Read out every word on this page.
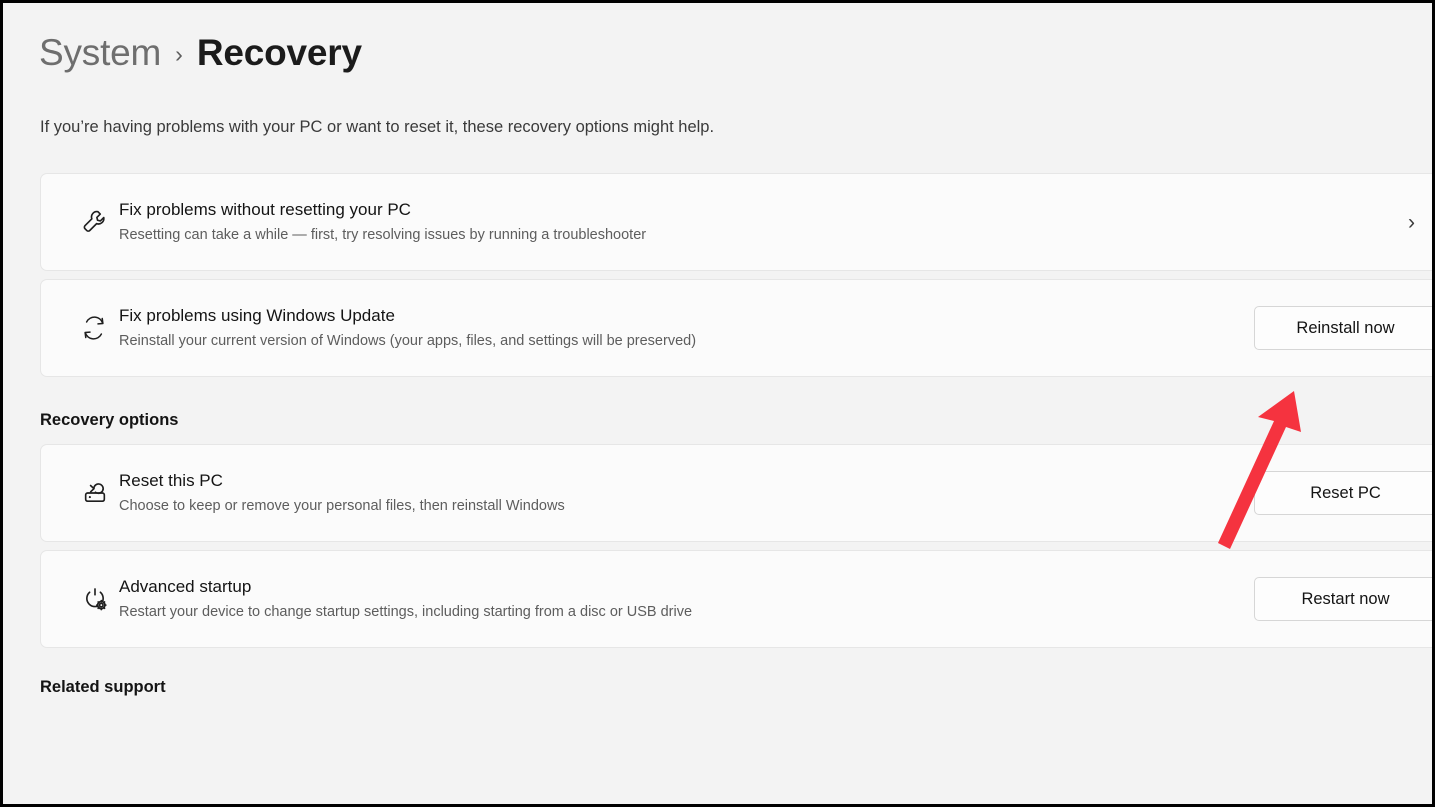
System › Recovery
If you’re having problems with your PC or want to reset it, these recovery options might help.
Fix problems without resetting your PC
Resetting can take a while — first, try resolving issues by running a troubleshooter
›
Fix problems using Windows Update
Reinstall your current version of Windows (your apps, files, and settings will be preserved)
Reinstall now
Recovery options
Reset this PC
Choose to keep or remove your personal files, then reinstall Windows
Reset PC
Advanced startup
Restart your device to change startup settings, including starting from a disc or USB drive
Restart now
Related support
